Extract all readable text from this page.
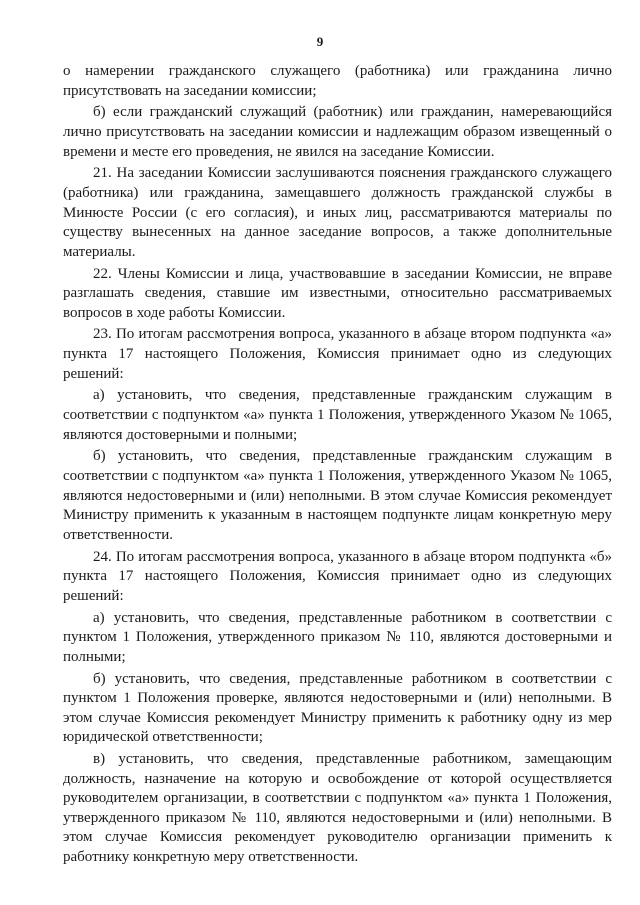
9

о намерении гражданского служащего (работника) или гражданина лично присутствовать на заседании комиссии;

б) если гражданский служащий (работник) или гражданин, намеревающийся лично присутствовать на заседании комиссии и надлежащим образом извещенный о времени и месте его проведения, не явился на заседание Комиссии.

21. На заседании Комиссии заслушиваются пояснения гражданского служащего (работника) или гражданина, замещавшего должность гражданской службы в Минюсте России (с его согласия), и иных лиц, рассматриваются материалы по существу вынесенных на данное заседание вопросов, а также дополнительные материалы.

22. Члены Комиссии и лица, участвовавшие в заседании Комиссии, не вправе разглашать сведения, ставшие им известными, относительно рассматриваемых вопросов в ходе работы Комиссии.

23. По итогам рассмотрения вопроса, указанного в абзаце втором подпункта «а» пункта 17 настоящего Положения, Комиссия принимает одно из следующих решений:

а) установить, что сведения, представленные гражданским служащим в соответствии с подпунктом «а» пункта 1 Положения, утвержденного Указом № 1065, являются достоверными и полными;

б) установить, что сведения, представленные гражданским служащим в соответствии с подпунктом «а» пункта 1 Положения, утвержденного Указом № 1065, являются недостоверными и (или) неполными. В этом случае Комиссия рекомендует Министру применить к указанным в настоящем подпункте лицам конкретную меру ответственности.

24. По итогам рассмотрения вопроса, указанного в абзаце втором подпункта «б» пункта 17 настоящего Положения, Комиссия принимает одно из следующих решений:

а) установить, что сведения, представленные работником в соответствии с пунктом 1 Положения, утвержденного приказом № 110, являются достоверными и полными;

б) установить, что сведения, представленные работником в соответствии с пунктом 1 Положения проверке, являются недостоверными и (или) неполными. В этом случае Комиссия рекомендует Министру применить к работнику одну из мер юридической ответственности;

в) установить, что сведения, представленные работником, замещающим должность, назначение на которую и освобождение от которой осуществляется руководителем организации, в соответствии с подпунктом «а» пункта 1 Положения, утвержденного приказом № 110, являются недостоверными и (или) неполными. В этом случае Комиссия рекомендует руководителю организации применить к работнику конкретную меру ответственности.
